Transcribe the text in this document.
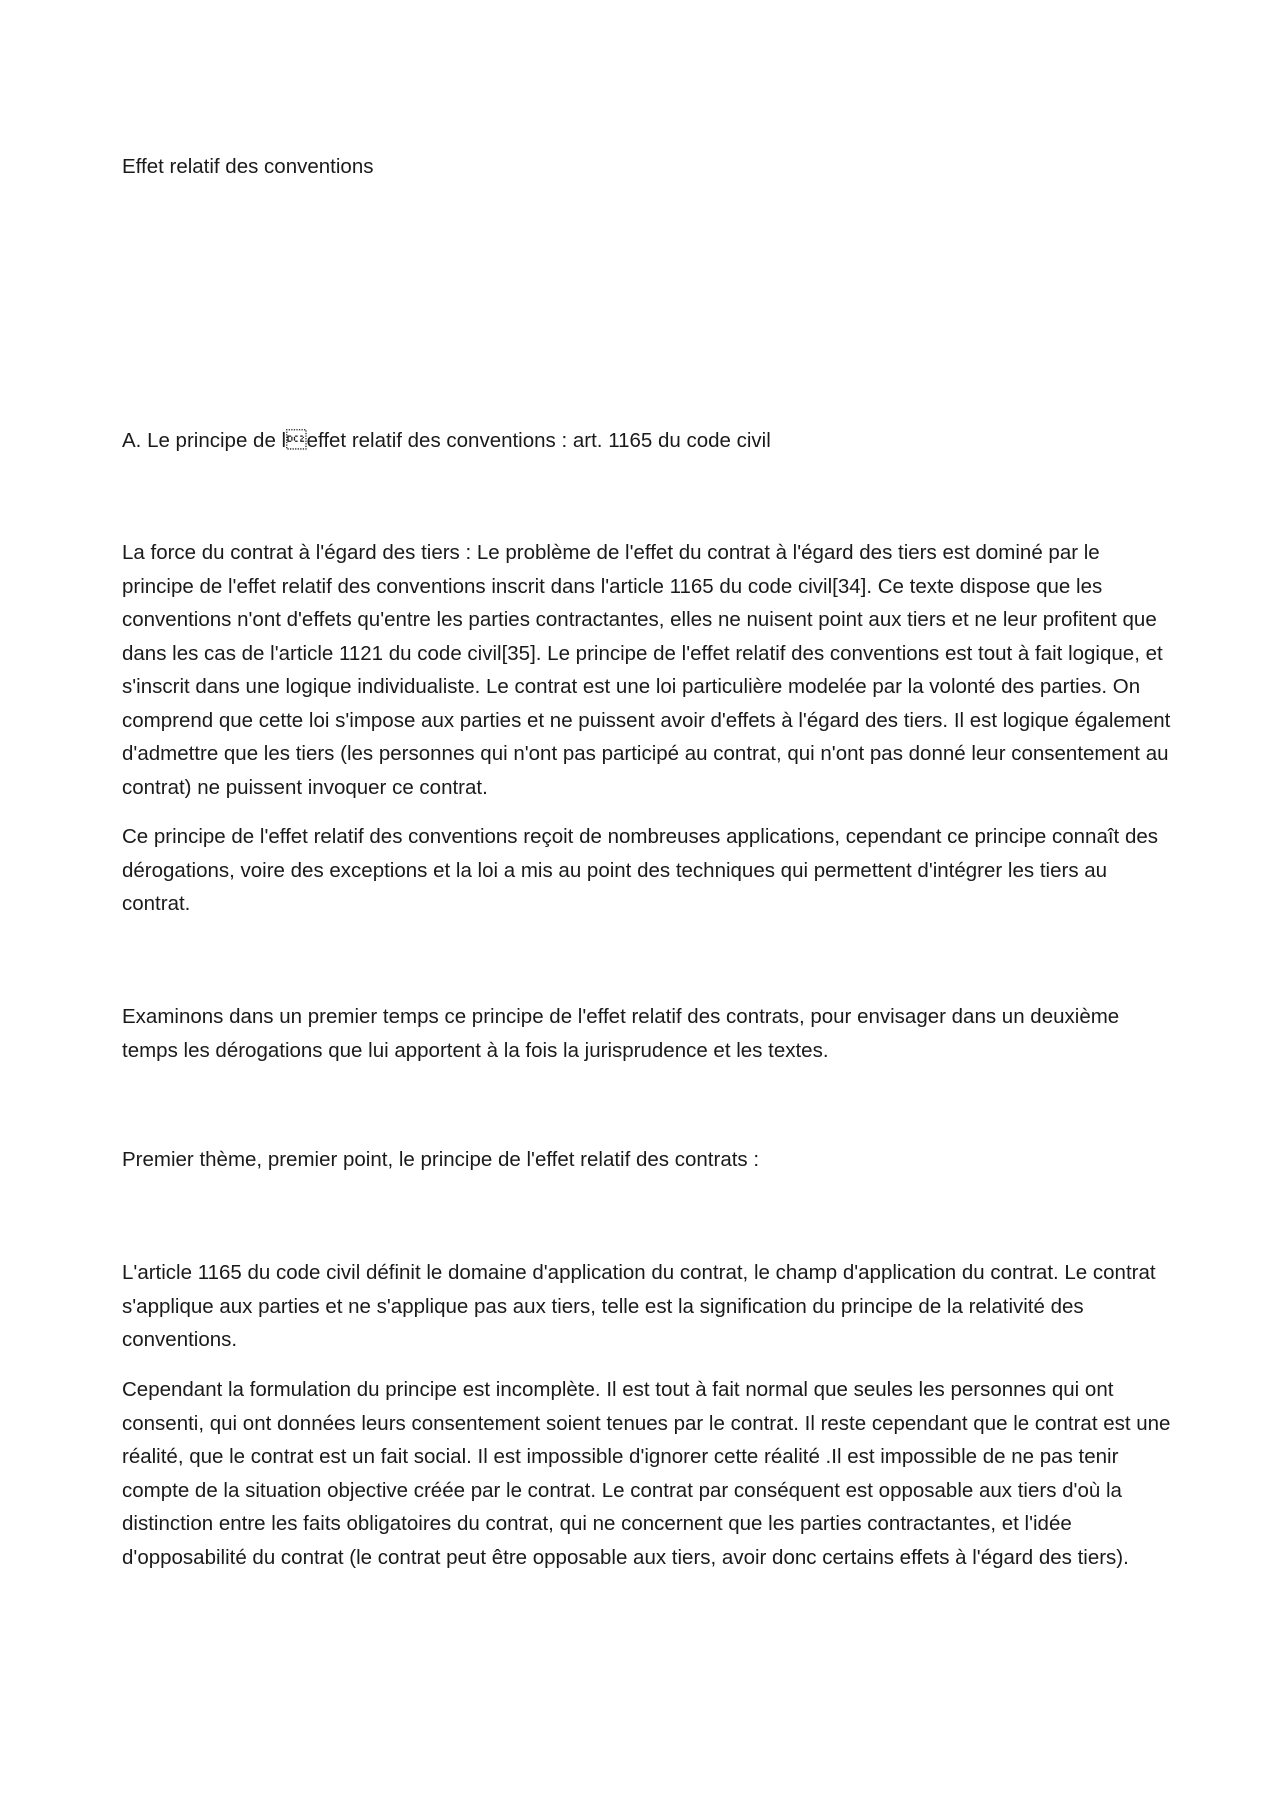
Effet relatif des conventions

A. Le principe de leffet relatif des conventions : art. 1165 du code civil

La force du contrat à l'égard des tiers : Le problème de l'effet du contrat à l'égard des tiers est dominé par le principe de l'effet relatif des conventions inscrit dans l'article 1165 du code civil[34]. Ce texte dispose que les conventions n'ont d'effets qu'entre les parties contractantes, elles ne nuisent point aux tiers et ne leur profitent que dans les cas de l'article 1121 du code civil[35]. Le principe de l'effet relatif des conventions est tout à fait logique, et s'inscrit dans une logique individualiste. Le contrat est une loi particulière modelée par la volonté des parties. On comprend que cette loi s'impose aux parties et ne puissent avoir d'effets à l'égard des tiers. Il est logique également d'admettre que les tiers (les personnes qui n'ont pas participé au contrat, qui n'ont pas donné leur consentement au contrat) ne puissent invoquer ce contrat.

Ce principe de l'effet relatif des conventions reçoit de nombreuses applications, cependant ce principe connaît des dérogations, voire des exceptions et la loi a mis au point des techniques qui permettent d'intégrer les tiers au contrat.

Examinons dans un premier temps ce principe de l'effet relatif des contrats, pour envisager dans un deuxième temps les dérogations que lui apportent à la fois la jurisprudence et les textes.

Premier thème, premier point, le principe de l'effet relatif des contrats :

L'article 1165 du code civil définit le domaine d'application du contrat, le champ d'application du contrat. Le contrat s'applique aux parties et ne s'applique pas aux tiers, telle est la signification du principe de la relativité des conventions.

Cependant la formulation du principe est incomplète. Il est tout à fait normal que seules les personnes qui ont consenti, qui ont données leurs consentement soient tenues par le contrat. Il reste cependant que le contrat est une réalité, que le contrat est un fait social. Il est impossible d'ignorer cette réalité .Il est impossible de ne pas tenir compte de la situation objective créée par le contrat. Le contrat par conséquent est opposable aux tiers d'où la distinction entre les faits obligatoires du contrat, qui ne concernent que les parties contractantes, et l'idée d'opposabilité du contrat (le contrat peut être opposable aux tiers, avoir donc certains effets à l'égard des tiers).
